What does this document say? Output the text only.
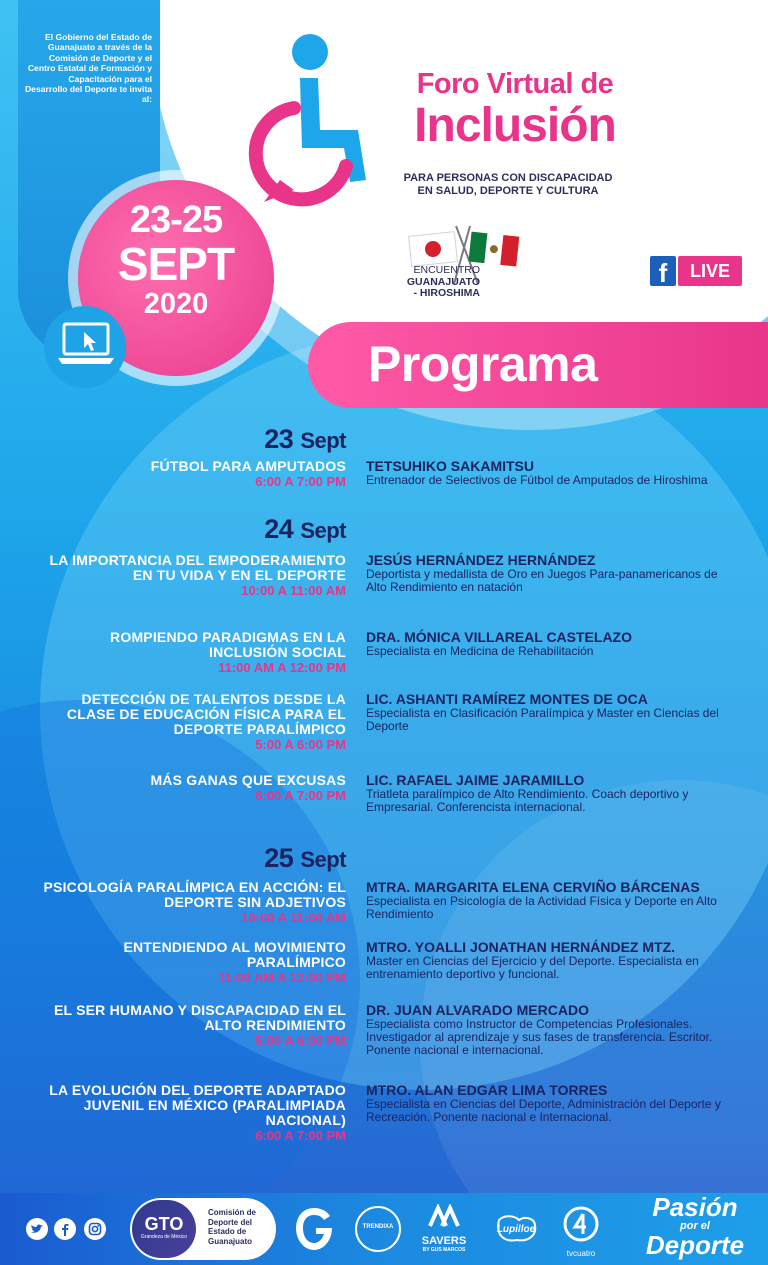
El Gobierno del Estado de Guanajuato a través de la Comisión de Deporte y el Centro Estatal de Formación y Capacitación para el Desarrollo del Deporte te invita al:
23-25
SEPT
2020
Foro Virtual de
Inclusión
PARA PERSONAS CON DISCAPACIDAD EN SALUD, DEPORTE Y CULTURA
ENCUENTRO
GUANAJUATO
- HIROSHIMA
f	LIVE
CODE Guanajuato
Programa
23 Sept
FÚTBOL PARA AMPUTADOS
6:00 A 7:00 PM
TETSUHIKO SAKAMITSU
Entrenador de Selectivos de Fútbol de Amputados de Hiroshima
24 Sept
LA IMPORTANCIA DEL EMPODERAMIENTO EN TU VIDA Y EN EL DEPORTE
10:00 A 11:00 AM
JESÚS HERNÁNDEZ HERNÁNDEZ
Deportista y medallista de Oro en Juegos Para-panamericanos de Alto Rendimiento en natación
ROMPIENDO PARADIGMAS EN LA INCLUSIÓN SOCIAL
11:00 AM A 12:00 PM
DRA. MÓNICA VILLAREAL CASTELAZO
Especialista en Medicina de Rehabilitación
DETECCIÓN DE TALENTOS DESDE LA CLASE DE EDUCACIÓN FÍSICA PARA EL DEPORTE PARALÍMPICO
5:00 A 6:00 PM
LIC. ASHANTI RAMÍREZ MONTES DE OCA
Especialista en Clasificación Paralímpica y Master en Ciencias del Deporte
MÁS GANAS QUE EXCUSAS
6:00 A 7:00 PM
LIC. RAFAEL JAIME JARAMILLO
Triatleta paralímpico de Alto Rendimiento. Coach deportivo y Empresarial. Conferencista internacional.
25 Sept
PSICOLOGÍA PARALÍMPICA EN ACCIÓN: EL DEPORTE SIN ADJETIVOS
10:00 A 11:00 AM
MTRA. MARGARITA ELENA CERVIÑO BÁRCENAS
Especialista en Psicología de la Actividad Física y Deporte en Alto Rendimiento
ENTENDIENDO AL MOVIMIENTO PARALÍMPICO
11:00 AM A 12:00 PM
MTRO. YOALLI JONATHAN HERNÁNDEZ MTZ.
Master en Ciencias del Ejercicio y del Deporte. Especialista en entrenamiento deportivo y funcional.
EL SER HUMANO Y DISCAPACIDAD EN EL ALTO RENDIMIENTO
5:00 A 6:00 PM
DR. JUAN ALVARADO MERCADO
Especialista como Instructor de Competencias Profesionales. Investigador al aprendizaje y sus fases de transferencia. Escritor. Ponente nacional e internacional.
LA EVOLUCIÓN DEL DEPORTE ADAPTADO JUVENIL EN MÉXICO (PARALIMPIADA NACIONAL)
6:00 A 7:00 PM
MTRO. ALAN EDGAR LIMA TORRES
Especialista en Ciencias del Deporte, Administración del Deporte y Recreación. Ponente nacional e Internacional.
GTO
Grandeza de México
Comisión de Deporte del Estado de Guanajuato
TRENDIXA
SAVERS
BY GUS MARCOS
Lupilloe
tvcuatro
Pasión
por el
Deporte
